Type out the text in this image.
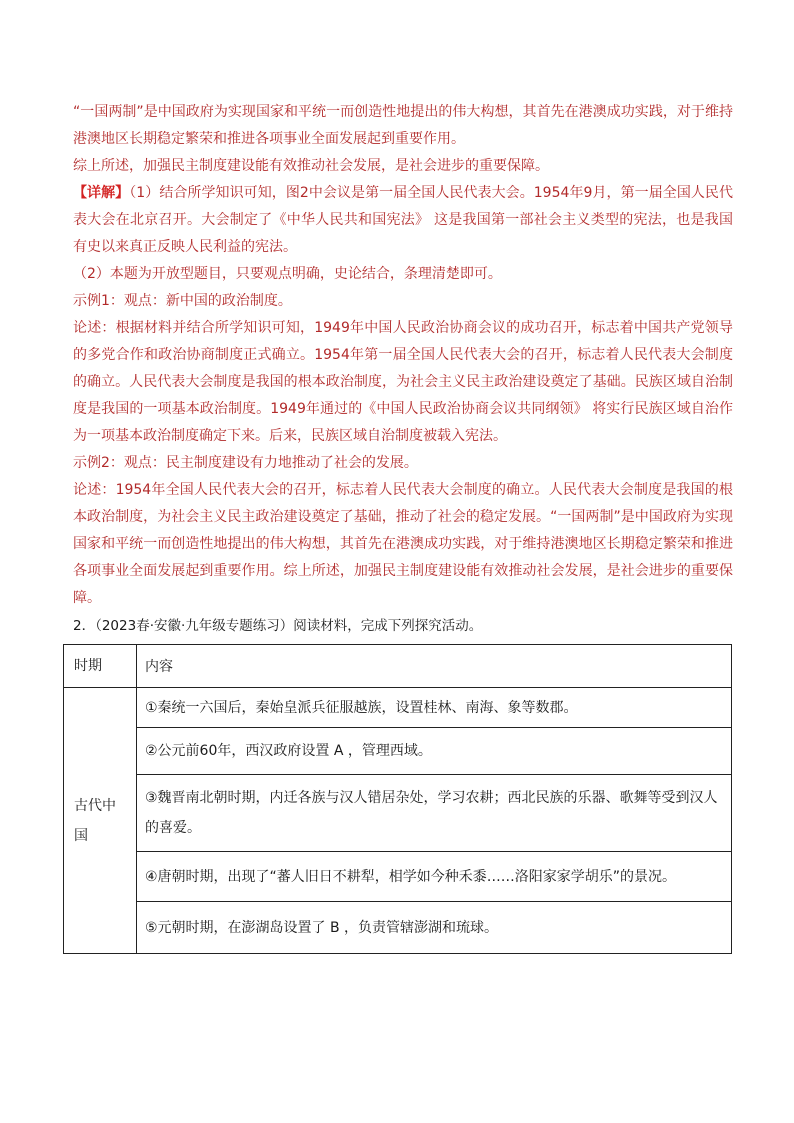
“一国两制”是中国政府为实现国家和平统一而创造性地提出的伟大构想，其首先在港澳成功实践，对于维持港澳地区长期稳定繁荣和推进各项事业全面发展起到重要作用。
综上所述，加强民主制度建设能有效推动社会发展，是社会进步的重要保障。
【详解】（1）结合所学知识可知，图2中会议是第一届全国人民代表大会。1954年9月，第一届全国人民代表大会在北京召开。大会制定了《中华人民共和国宪法》 这是我国第一部社会主义类型的宪法，也是我国有史以来真正反映人民利益的宪法。
（2）本题为开放型题目，只要观点明确，史论结合，条理清楚即可。
示例1：观点：新中国的政治制度。
论述：根据材料并结合所学知识可知，1949年中国人民政治协商会议的成功召开，标志着中国共产党领导的多党合作和政治协商制度正式确立。1954年第一届全国人民代表大会的召开，标志着人民代表大会制度的确立。人民代表大会制度是我国的根本政治制度，为社会主义民主政治建设奠定了基础。民族区域自治制度是我国的一项基本政治制度。1949年通过的《中国人民政治协商会议共同纲领》 将实行民族区域自治作为一项基本政治制度确定下来。后来，民族区域自治制度被载入宪法。
示例2：观点：民主制度建设有力地推动了社会的发展。
论述：1954年全国人民代表大会的召开，标志着人民代表大会制度的确立。人民代表大会制度是我国的根本政治制度，为社会主义民主政治建设奠定了基础，推动了社会的稳定发展。“一国两制”是中国政府为实现国家和平统一而创造性地提出的伟大构想，其首先在港澳成功实践，对于维持港澳地区长期稳定繁荣和推进各项事业全面发展起到重要作用。综上所述，加强民主制度建设能有效推动社会发展，是社会进步的重要保障。
2．（2023春·安徽·九年级专题练习）阅读材料，完成下列探究活动。
时期	内容
古代中国	①秦统一六国后，秦始皇派兵征服越族，设置桂林、南海、象等数郡。
	②公元前60年，西汉政府设置 A ，管理西域。
	③魏晋南北朝时期，内迁各族与汉人错居杂处，学习农耕；西北民族的乐器、歌舞等受到汉人的喜爱。
	④唐朝时期，出现了“蕃人旧日不耕犁，相学如今种禾黍……洛阳家家学胡乐”的景况。
	⑤元朝时期，在澎湖岛设置了 B ，负责管辖澎湖和琉球。
